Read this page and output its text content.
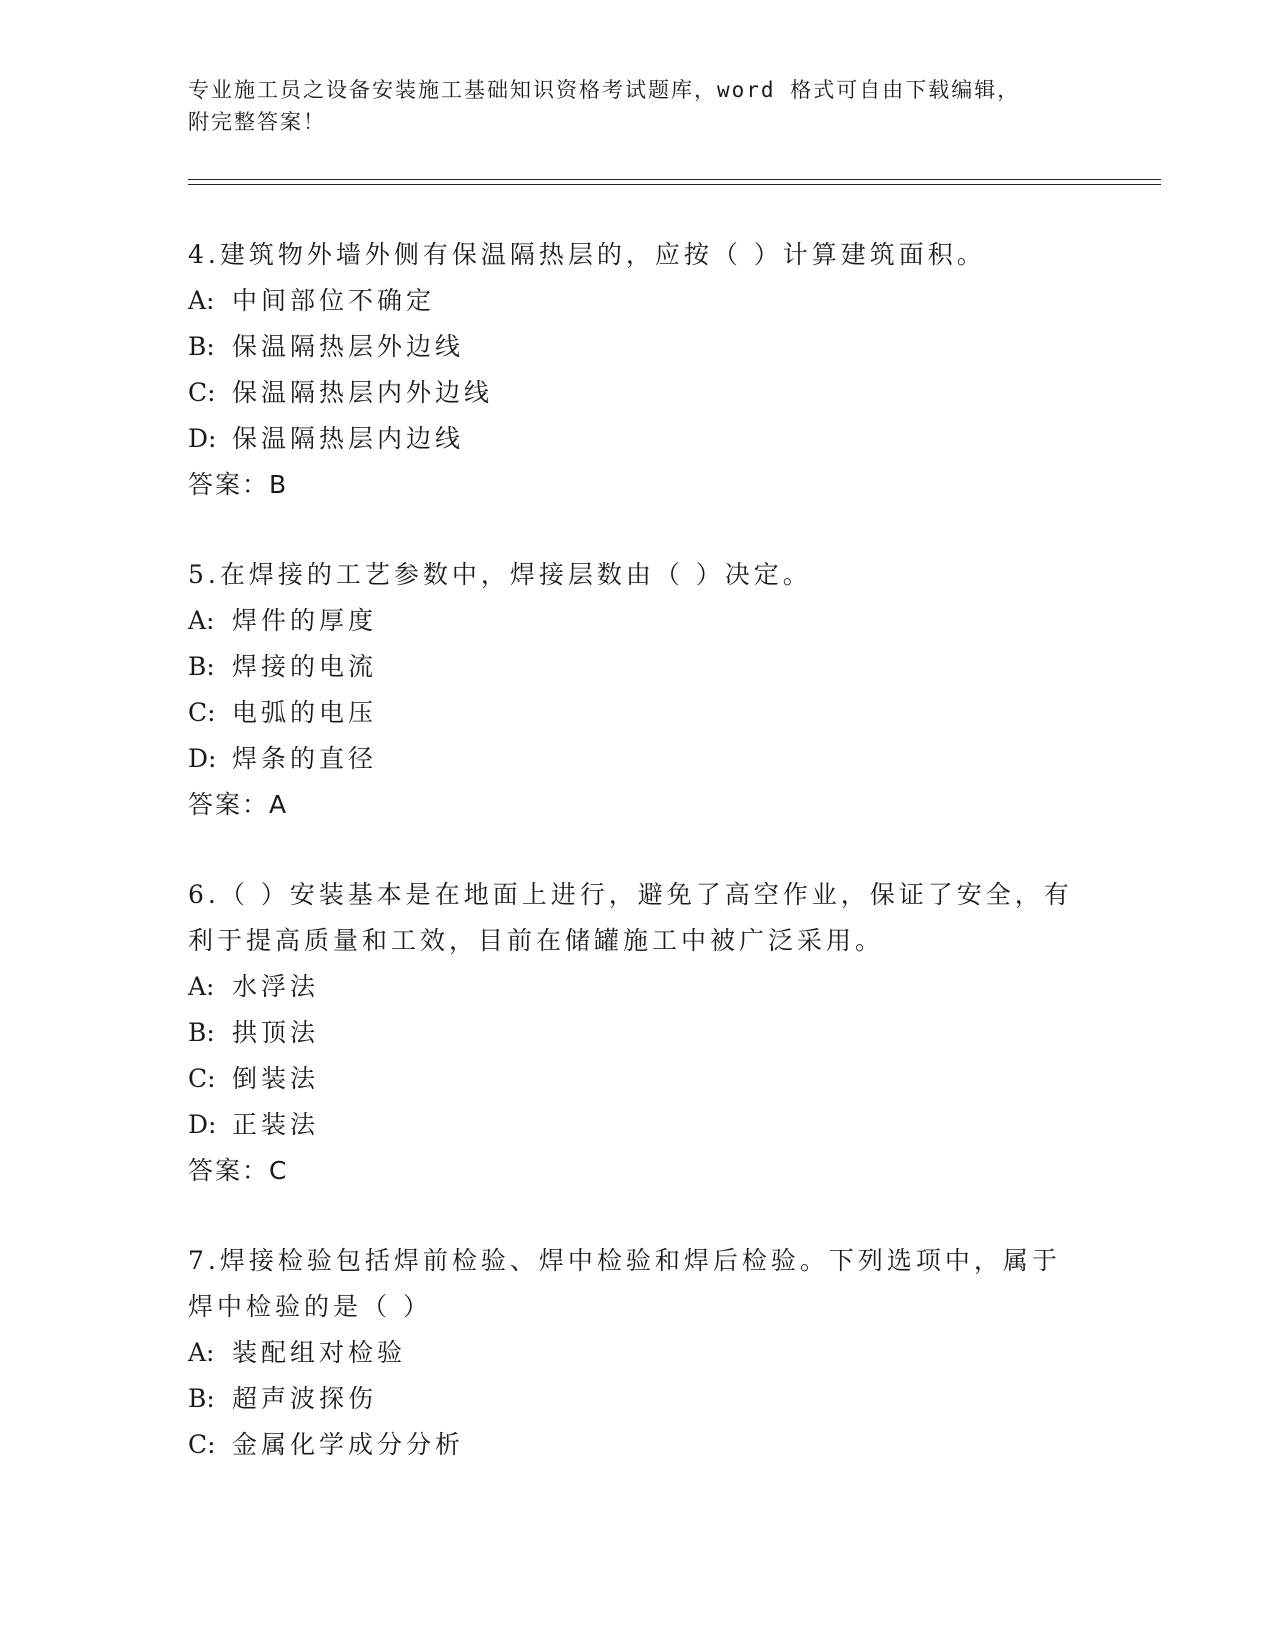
专业施工员之设备安装施工基础知识资格考试题库，word 格式可自由下载编辑，
附完整答案！

4.建筑物外墙外侧有保温隔热层的，应按（ ）计算建筑面积。

A: 中间部位不确定
B: 保温隔热层外边线
C: 保温隔热层内外边线
D: 保温隔热层内边线
答案：B

5.在焊接的工艺参数中，焊接层数由（ ）决定。

A: 焊件的厚度
B: 焊接的电流
C: 电弧的电压
D: 焊条的直径
答案：A

6.（ ）安装基本是在地面上进行，避免了高空作业，保证了安全，有利于提高质量和工效，目前在储罐施工中被广泛采用。

A: 水浮法
B: 拱顶法
C: 倒装法
D: 正装法
答案：C

7.焊接检验包括焊前检验、焊中检验和焊后检验。下列选项中，属于焊中检验的是（ ）

A: 装配组对检验
B: 超声波探伤
C: 金属化学成分分析
